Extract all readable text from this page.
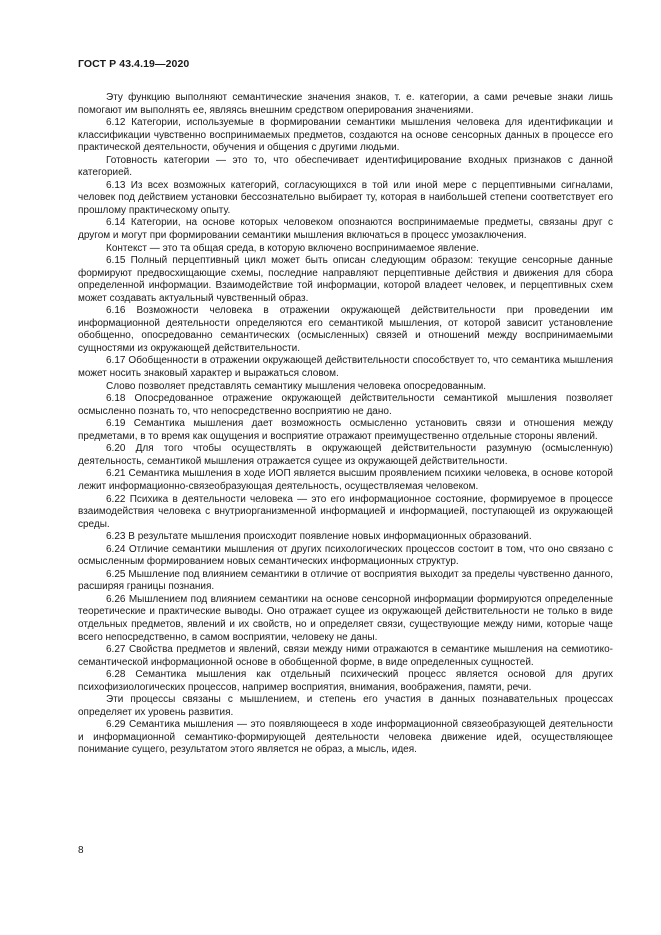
ГОСТ Р 43.4.19—2020

Эту функцию выполняют семантические значения знаков, т. е. категории, а сами речевые знаки лишь помогают им выполнять ее, являясь внешним средством оперирования значениями.

6.12 Категории, используемые в формировании семантики мышления человека для идентификации и классификации чувственно воспринимаемых предметов, создаются на основе сенсорных данных в процессе его практической деятельности, обучения и общения с другими людьми.

Готовность категории — это то, что обеспечивает идентифицирование входных признаков с данной категорией.

6.13 Из всех возможных категорий, согласующихся в той или иной мере с перцептивными сигналами, человек под действием установки бессознательно выбирает ту, которая в наибольшей степени соответствует его прошлому практическому опыту.

6.14 Категории, на основе которых человеком опознаются воспринимаемые предметы, связаны друг с другом и могут при формировании семантики мышления включаться в процесс умозаключения.

Контекст — это та общая среда, в которую включено воспринимаемое явление.

6.15 Полный перцептивный цикл может быть описан следующим образом: текущие сенсорные данные формируют предвосхищающие схемы, последние направляют перцептивные действия и движения для сбора определенной информации. Взаимодействие той информации, которой владеет человек, и перцептивных схем может создавать актуальный чувственный образ.

6.16 Возможности человека в отражении окружающей действительности при проведении им информационной деятельности определяются его семантикой мышления, от которой зависит установление обобщенно, опосредованно семантических (осмысленных) связей и отношений между воспринимаемыми сущностями из окружающей действительности.

6.17 Обобщенности в отражении окружающей действительности способствует то, что семантика мышления может носить знаковый характер и выражаться словом.

Слово позволяет представлять семантику мышления человека опосредованным.

6.18 Опосредованное отражение окружающей действительности семантикой мышления позволяет осмысленно познать то, что непосредственно восприятию не дано.

6.19 Семантика мышления дает возможность осмысленно установить связи и отношения между предметами, в то время как ощущения и восприятие отражают преимущественно отдельные стороны явлений.

6.20 Для того чтобы осуществлять в окружающей действительности разумную (осмысленную) деятельность, семантикой мышления отражается сущее из окружающей действительности.

6.21 Семантика мышления в ходе ИОП является высшим проявлением психики человека, в основе которой лежит информационно-связеобразующая деятельность, осуществляемая человеком.

6.22 Психика в деятельности человека — это его информационное состояние, формируемое в процессе взаимодействия человека с внутриорганизменной информацией и информацией, поступающей из окружающей среды.

6.23 В результате мышления происходит появление новых информационных образований.

6.24 Отличие семантики мышления от других психологических процессов состоит в том, что оно связано с осмысленным формированием новых семантических информационных структур.

6.25 Мышление под влиянием семантики в отличие от восприятия выходит за пределы чувственно данного, расширяя границы познания.

6.26 Мышлением под влиянием семантики на основе сенсорной информации формируются определенные теоретические и практические выводы. Оно отражает сущее из окружающей действительности не только в виде отдельных предметов, явлений и их свойств, но и определяет связи, существующие между ними, которые чаще всего непосредственно, в самом восприятии, человеку не даны.

6.27 Свойства предметов и явлений, связи между ними отражаются в семантике мышления на семиотико-семантической информационной основе в обобщенной форме, в виде определенных сущностей.

6.28 Семантика мышления как отдельный психический процесс является основой для других психофизиологических процессов, например восприятия, внимания, воображения, памяти, речи.

Эти процессы связаны с мышлением, и степень его участия в данных познавательных процессах определяет их уровень развития.

6.29 Семантика мышления — это появляющееся в ходе информационной связеобразующей деятельности и информационной семантико-формирующей деятельности человека движение идей, осуществляющее понимание сущего, результатом этого является не образ, а мысль, идея.

8
